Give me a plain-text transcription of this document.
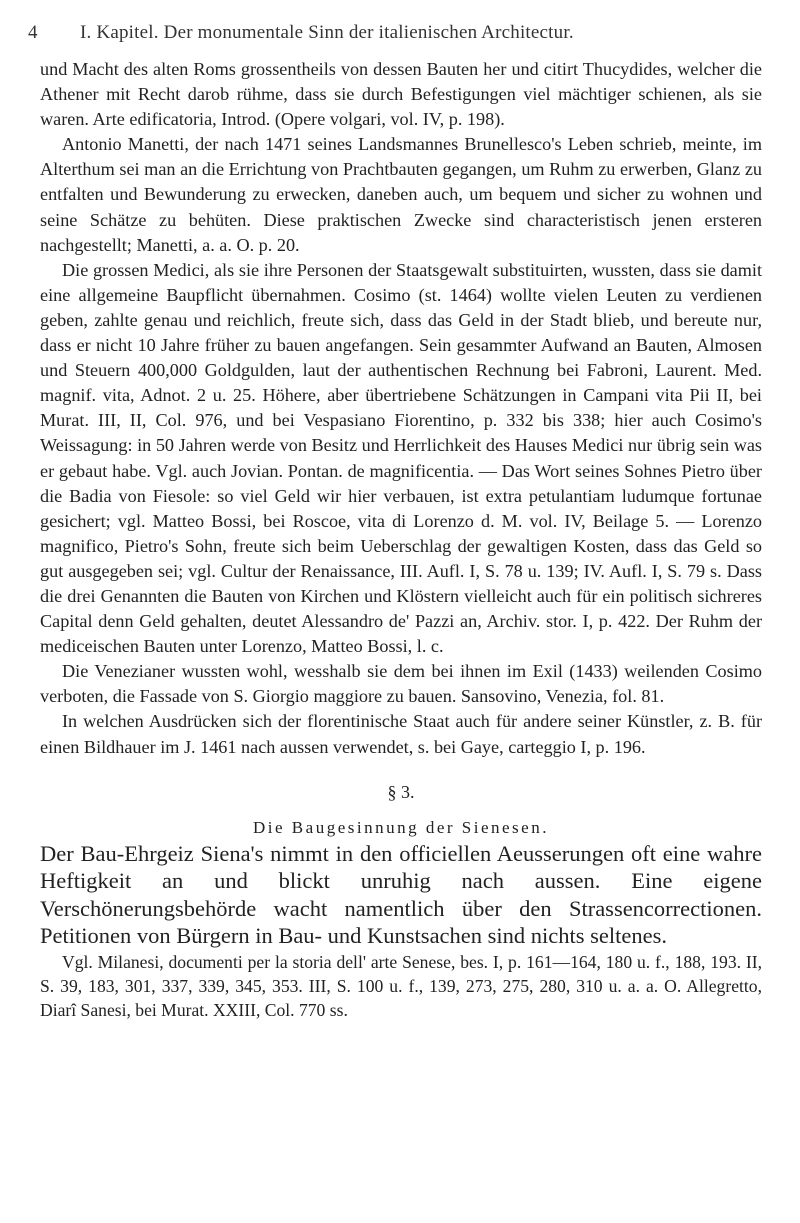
4 I. Kapitel. Der monumentale Sinn der italienischen Architectur.

und Macht des alten Roms grossentheils von dessen Bauten her und citirt Thucydides, welcher die Athener mit Recht darob rühme, dass sie durch Befestigungen viel mächtiger schienen, als sie waren. Arte edificatoria, Introd. (Opere volgari, vol. IV, p. 198).

Antonio Manetti, der nach 1471 seines Landsmannes Brunellesco's Leben schrieb, meinte, im Alterthum sei man an die Errichtung von Prachtbauten gegangen, um Ruhm zu erwerben, Glanz zu entfalten und Bewunderung zu erwecken, daneben auch, um bequem und sicher zu wohnen und seine Schätze zu behüten. Diese praktischen Zwecke sind characteristisch jenen ersteren nachgestellt; Manetti, a. a. O. p. 20.

Die grossen Medici, als sie ihre Personen der Staatsgewalt substituirten, wussten, dass sie damit eine allgemeine Baupflicht übernahmen. Cosimo (st. 1464) wollte vielen Leuten zu verdienen geben, zahlte genau und reichlich, freute sich, dass das Geld in der Stadt blieb, und bereute nur, dass er nicht 10 Jahre früher zu bauen angefangen. Sein gesammter Aufwand an Bauten, Almosen und Steuern 400,000 Goldgulden, laut der authentischen Rechnung bei Fabroni, Laurent. Med. magnif. vita, Adnot. 2 u. 25. Höhere, aber übertriebene Schätzungen in Campani vita Pii II, bei Murat. III, II, Col. 976, und bei Vespasiano Fiorentino, p. 332 bis 338; hier auch Cosimo's Weissagung: in 50 Jahren werde von Besitz und Herrlichkeit des Hauses Medici nur übrig sein was er gebaut habe. Vgl. auch Jovian. Pontan. de magnificentia. — Das Wort seines Sohnes Pietro über die Badia von Fiesole: so viel Geld wir hier verbauen, ist extra petulantiam ludumque fortunae gesichert; vgl. Matteo Bossi, bei Roscoe, vita di Lorenzo d. M. vol. IV, Beilage 5. — Lorenzo magnifico, Pietro's Sohn, freute sich beim Ueberschlag der gewaltigen Kosten, dass das Geld so gut ausgegeben sei; vgl. Cultur der Renaissance, III. Aufl. I, S. 78 u. 139; IV. Aufl. I, S. 79 s. Dass die drei Genannten die Bauten von Kirchen und Klöstern vielleicht auch für ein politisch sichreres Capital denn Geld gehalten, deutet Alessandro de' Pazzi an, Archiv. stor. I, p. 422. Der Ruhm der mediceischen Bauten unter Lorenzo, Matteo Bossi, l. c.

Die Venezianer wussten wohl, wesshalb sie dem bei ihnen im Exil (1433) weilenden Cosimo verboten, die Fassade von S. Giorgio maggiore zu bauen. Sansovino, Venezia, fol. 81.

In welchen Ausdrücken sich der florentinische Staat auch für andere seiner Künstler, z. B. für einen Bildhauer im J. 1461 nach aussen verwendet, s. bei Gaye, carteggio I, p. 196.

§ 3.
Die Baugesinnung der Sienesen.

Der Bau-Ehrgeiz Siena's nimmt in den officiellen Aeusserungen oft eine wahre Heftigkeit an und blickt unruhig nach aussen. Eine eigene Verschönerungsbehörde wacht namentlich über den Strassencorrectionen. Petitionen von Bürgern in Bau- und Kunstsachen sind nichts seltenes.

Vgl. Milanesi, documenti per la storia dell' arte Senese, bes. I, p. 161—164, 180 u. f., 188, 193. II, S. 39, 183, 301, 337, 339, 345, 353. III, S. 100 u. f., 139, 273, 275, 280, 310 u. a. a. O. Allegretto, Diarî Sanesi, bei Murat. XXIII, Col. 770 ss.
